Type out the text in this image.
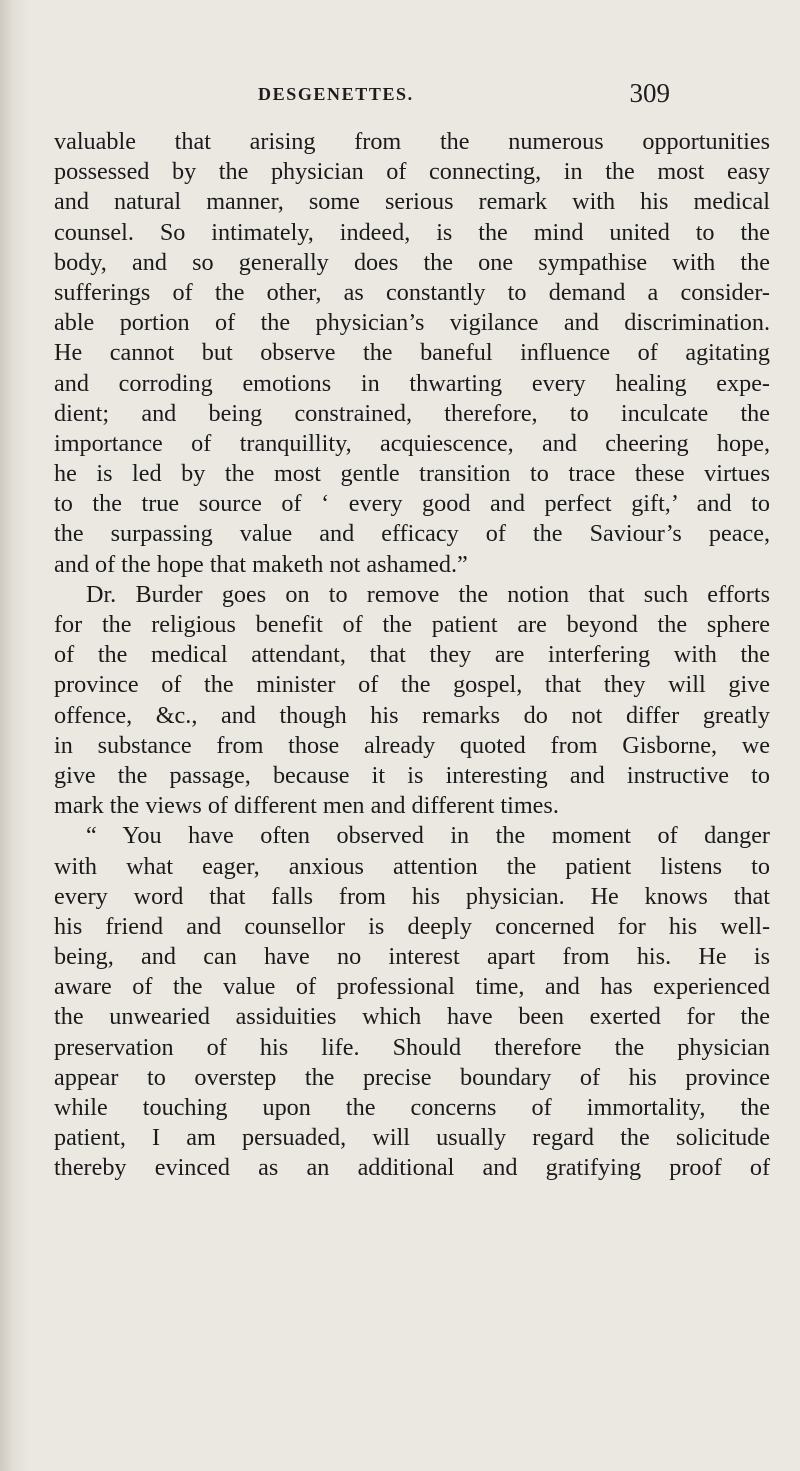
DESGENETTES.	309
valuable that arising from the numerous opportunities
possessed by the physician of connecting, in the most easy
and natural manner, some serious remark with his medical
counsel. So intimately, indeed, is the mind united to the
body, and so generally does the one sympathise with the
sufferings of the other, as constantly to demand a consider-
able portion of the physician’s vigilance and discrimination.
He cannot but observe the baneful influence of agitating
and corroding emotions in thwarting every healing expe-
dient; and being constrained, therefore, to inculcate the
importance of tranquillity, acquiescence, and cheering hope,
he is led by the most gentle transition to trace these virtues
to the true source of ‘ every good and perfect gift,’ and to
the surpassing value and efficacy of the Saviour’s peace,
and of the hope that maketh not ashamed.”
Dr. Burder goes on to remove the notion that such efforts
for the religious benefit of the patient are beyond the sphere
of the medical attendant, that they are interfering with the
province of the minister of the gospel, that they will give
offence, &c., and though his remarks do not differ greatly
in substance from those already quoted from Gisborne, we
give the passage, because it is interesting and instructive to
mark the views of different men and different times.
“ You have often observed in the moment of danger
with what eager, anxious attention the patient listens to
every word that falls from his physician. He knows that
his friend and counsellor is deeply concerned for his well-
being, and can have no interest apart from his. He is
aware of the value of professional time, and has experienced
the unwearied assiduities which have been exerted for the
preservation of his life. Should therefore the physician
appear to overstep the precise boundary of his province
while touching upon the concerns of immortality, the
patient, I am persuaded, will usually regard the solicitude
thereby evinced as an additional and gratifying proof of
